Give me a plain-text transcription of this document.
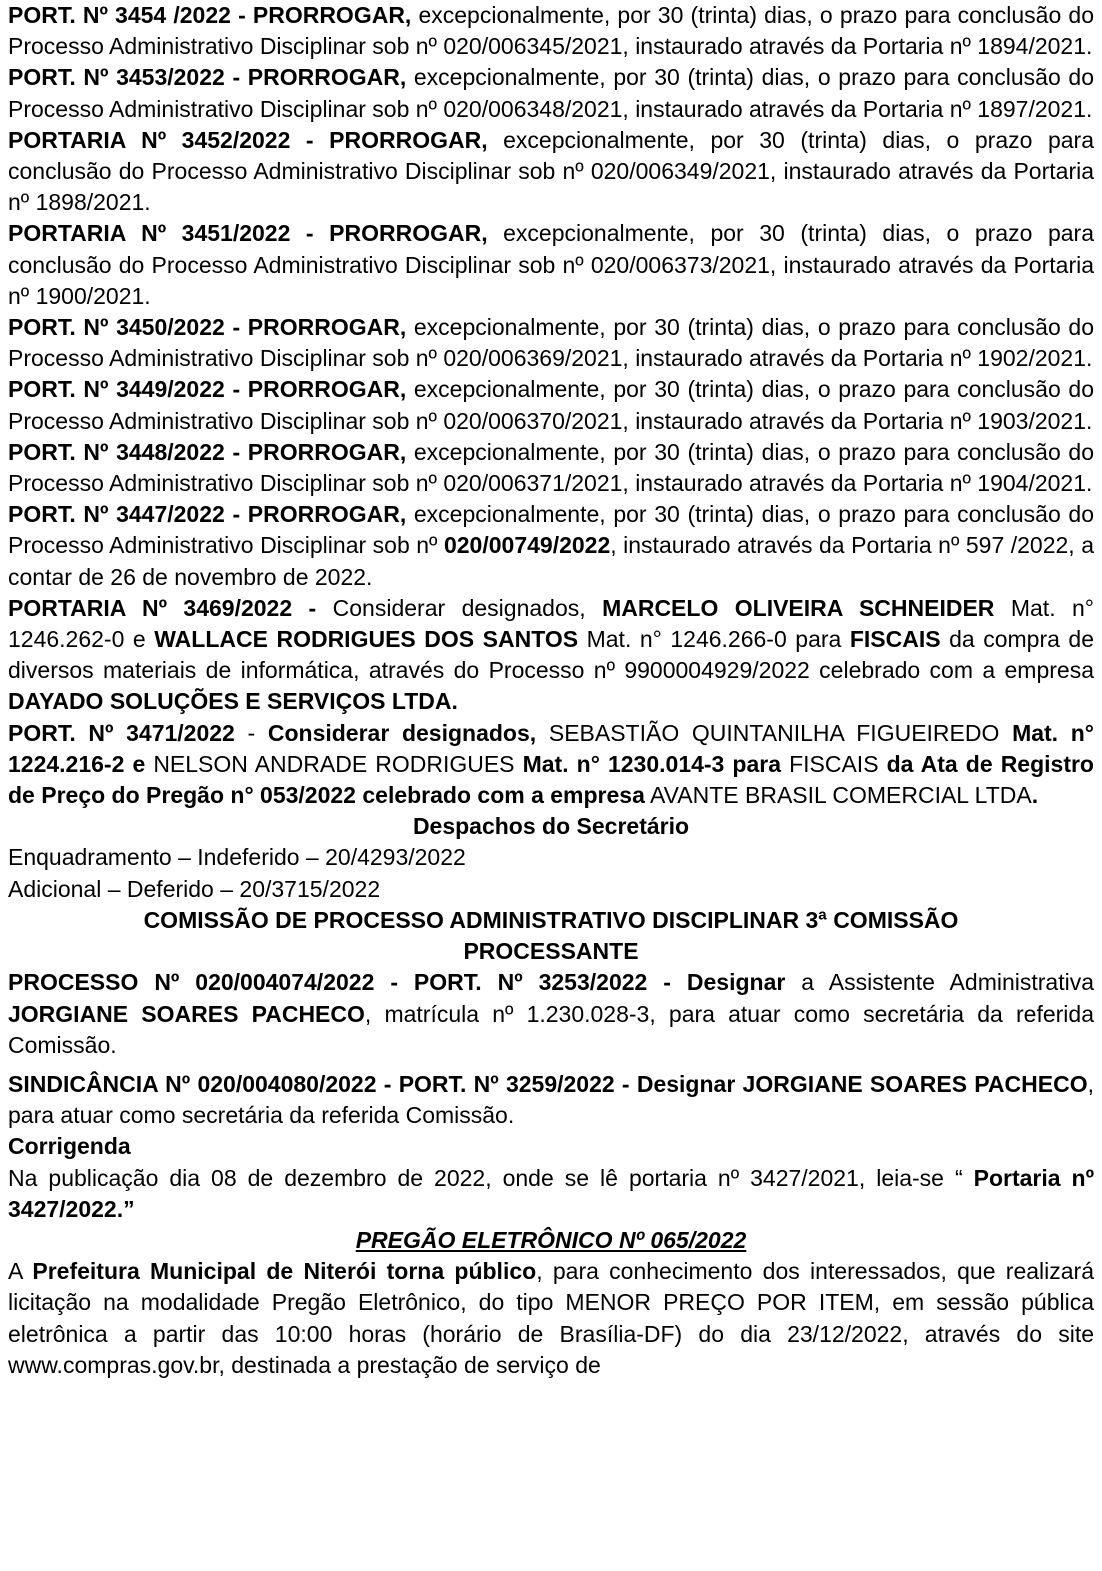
PORT. Nº 3454 /2022 - PRORROGAR, excepcionalmente, por 30 (trinta) dias, o prazo para conclusão do Processo Administrativo Disciplinar sob nº 020/006345/2021, instaurado através da Portaria nº 1894/2021.

PORT. Nº 3453/2022 - PRORROGAR, excepcionalmente, por 30 (trinta) dias, o prazo para conclusão do Processo Administrativo Disciplinar sob nº 020/006348/2021, instaurado através da Portaria nº 1897/2021.

PORTARIA Nº 3452/2022 - PRORROGAR, excepcionalmente, por 30 (trinta) dias, o prazo para conclusão do Processo Administrativo Disciplinar sob nº 020/006349/2021, instaurado através da Portaria nº 1898/2021.

PORTARIA Nº 3451/2022 - PRORROGAR, excepcionalmente, por 30 (trinta) dias, o prazo para conclusão do Processo Administrativo Disciplinar sob nº 020/006373/2021, instaurado através da Portaria nº 1900/2021.

PORT. Nº 3450/2022 - PRORROGAR, excepcionalmente, por 30 (trinta) dias, o prazo para conclusão do Processo Administrativo Disciplinar sob nº 020/006369/2021, instaurado através da Portaria nº 1902/2021.

PORT. Nº 3449/2022 - PRORROGAR, excepcionalmente, por 30 (trinta) dias, o prazo para conclusão do Processo Administrativo Disciplinar sob nº 020/006370/2021, instaurado através da Portaria nº 1903/2021.

PORT. Nº 3448/2022 - PRORROGAR, excepcionalmente, por 30 (trinta) dias, o prazo para conclusão do Processo Administrativo Disciplinar sob nº 020/006371/2021, instaurado através da Portaria nº 1904/2021.

PORT. Nº 3447/2022 - PRORROGAR, excepcionalmente, por 30 (trinta) dias, o prazo para conclusão do Processo Administrativo Disciplinar sob nº 020/00749/2022, instaurado através da Portaria nº 597 /2022, a contar de 26 de novembro de 2022.

PORTARIA Nº 3469/2022 - Considerar designados, MARCELO OLIVEIRA SCHNEIDER Mat. n° 1246.262-0 e WALLACE RODRIGUES DOS SANTOS Mat. n° 1246.266-0 para FISCAIS da compra de diversos materiais de informática, através do Processo nº 9900004929/2022 celebrado com a empresa DAYADO SOLUÇÕES E SERVIÇOS LTDA.

PORT. Nº 3471/2022 - Considerar designados, SEBASTIÃO QUINTANILHA FIGUEIREDO Mat. n° 1224.216-2 e NELSON ANDRADE RODRIGUES Mat. n° 1230.014-3 para FISCAIS da Ata de Registro de Preço do Pregão n° 053/2022 celebrado com a empresa AVANTE BRASIL COMERCIAL LTDA.

Despachos do Secretário

Enquadramento – Indeferido – 20/4293/2022

Adicional – Deferido – 20/3715/2022

COMISSÃO DE PROCESSO ADMINISTRATIVO DISCIPLINAR 3ª COMISSÃO PROCESSANTE

PROCESSO Nº 020/004074/2022 - PORT. Nº 3253/2022 - Designar a Assistente Administrativa JORGIANE SOARES PACHECO, matrícula nº 1.230.028-3, para atuar como secretária da referida Comissão.

SINDICÂNCIA Nº 020/004080/2022 - PORT. Nº 3259/2022 - Designar JORGIANE SOARES PACHECO, para atuar como secretária da referida Comissão.

Corrigenda

Na publicação dia 08 de dezembro de 2022, onde se lê portaria nº 3427/2021, leia-se “ Portaria nº 3427/2022.”

PREGÃO ELETRÔNICO Nº 065/2022

A Prefeitura Municipal de Niterói torna público, para conhecimento dos interessados, que realizará licitação na modalidade Pregão Eletrônico, do tipo MENOR PREÇO POR ITEM, em sessão pública eletrônica a partir das 10:00 horas (horário de Brasília-DF) do dia 23/12/2022, através do site www.compras.gov.br, destinada a prestação de serviço de
